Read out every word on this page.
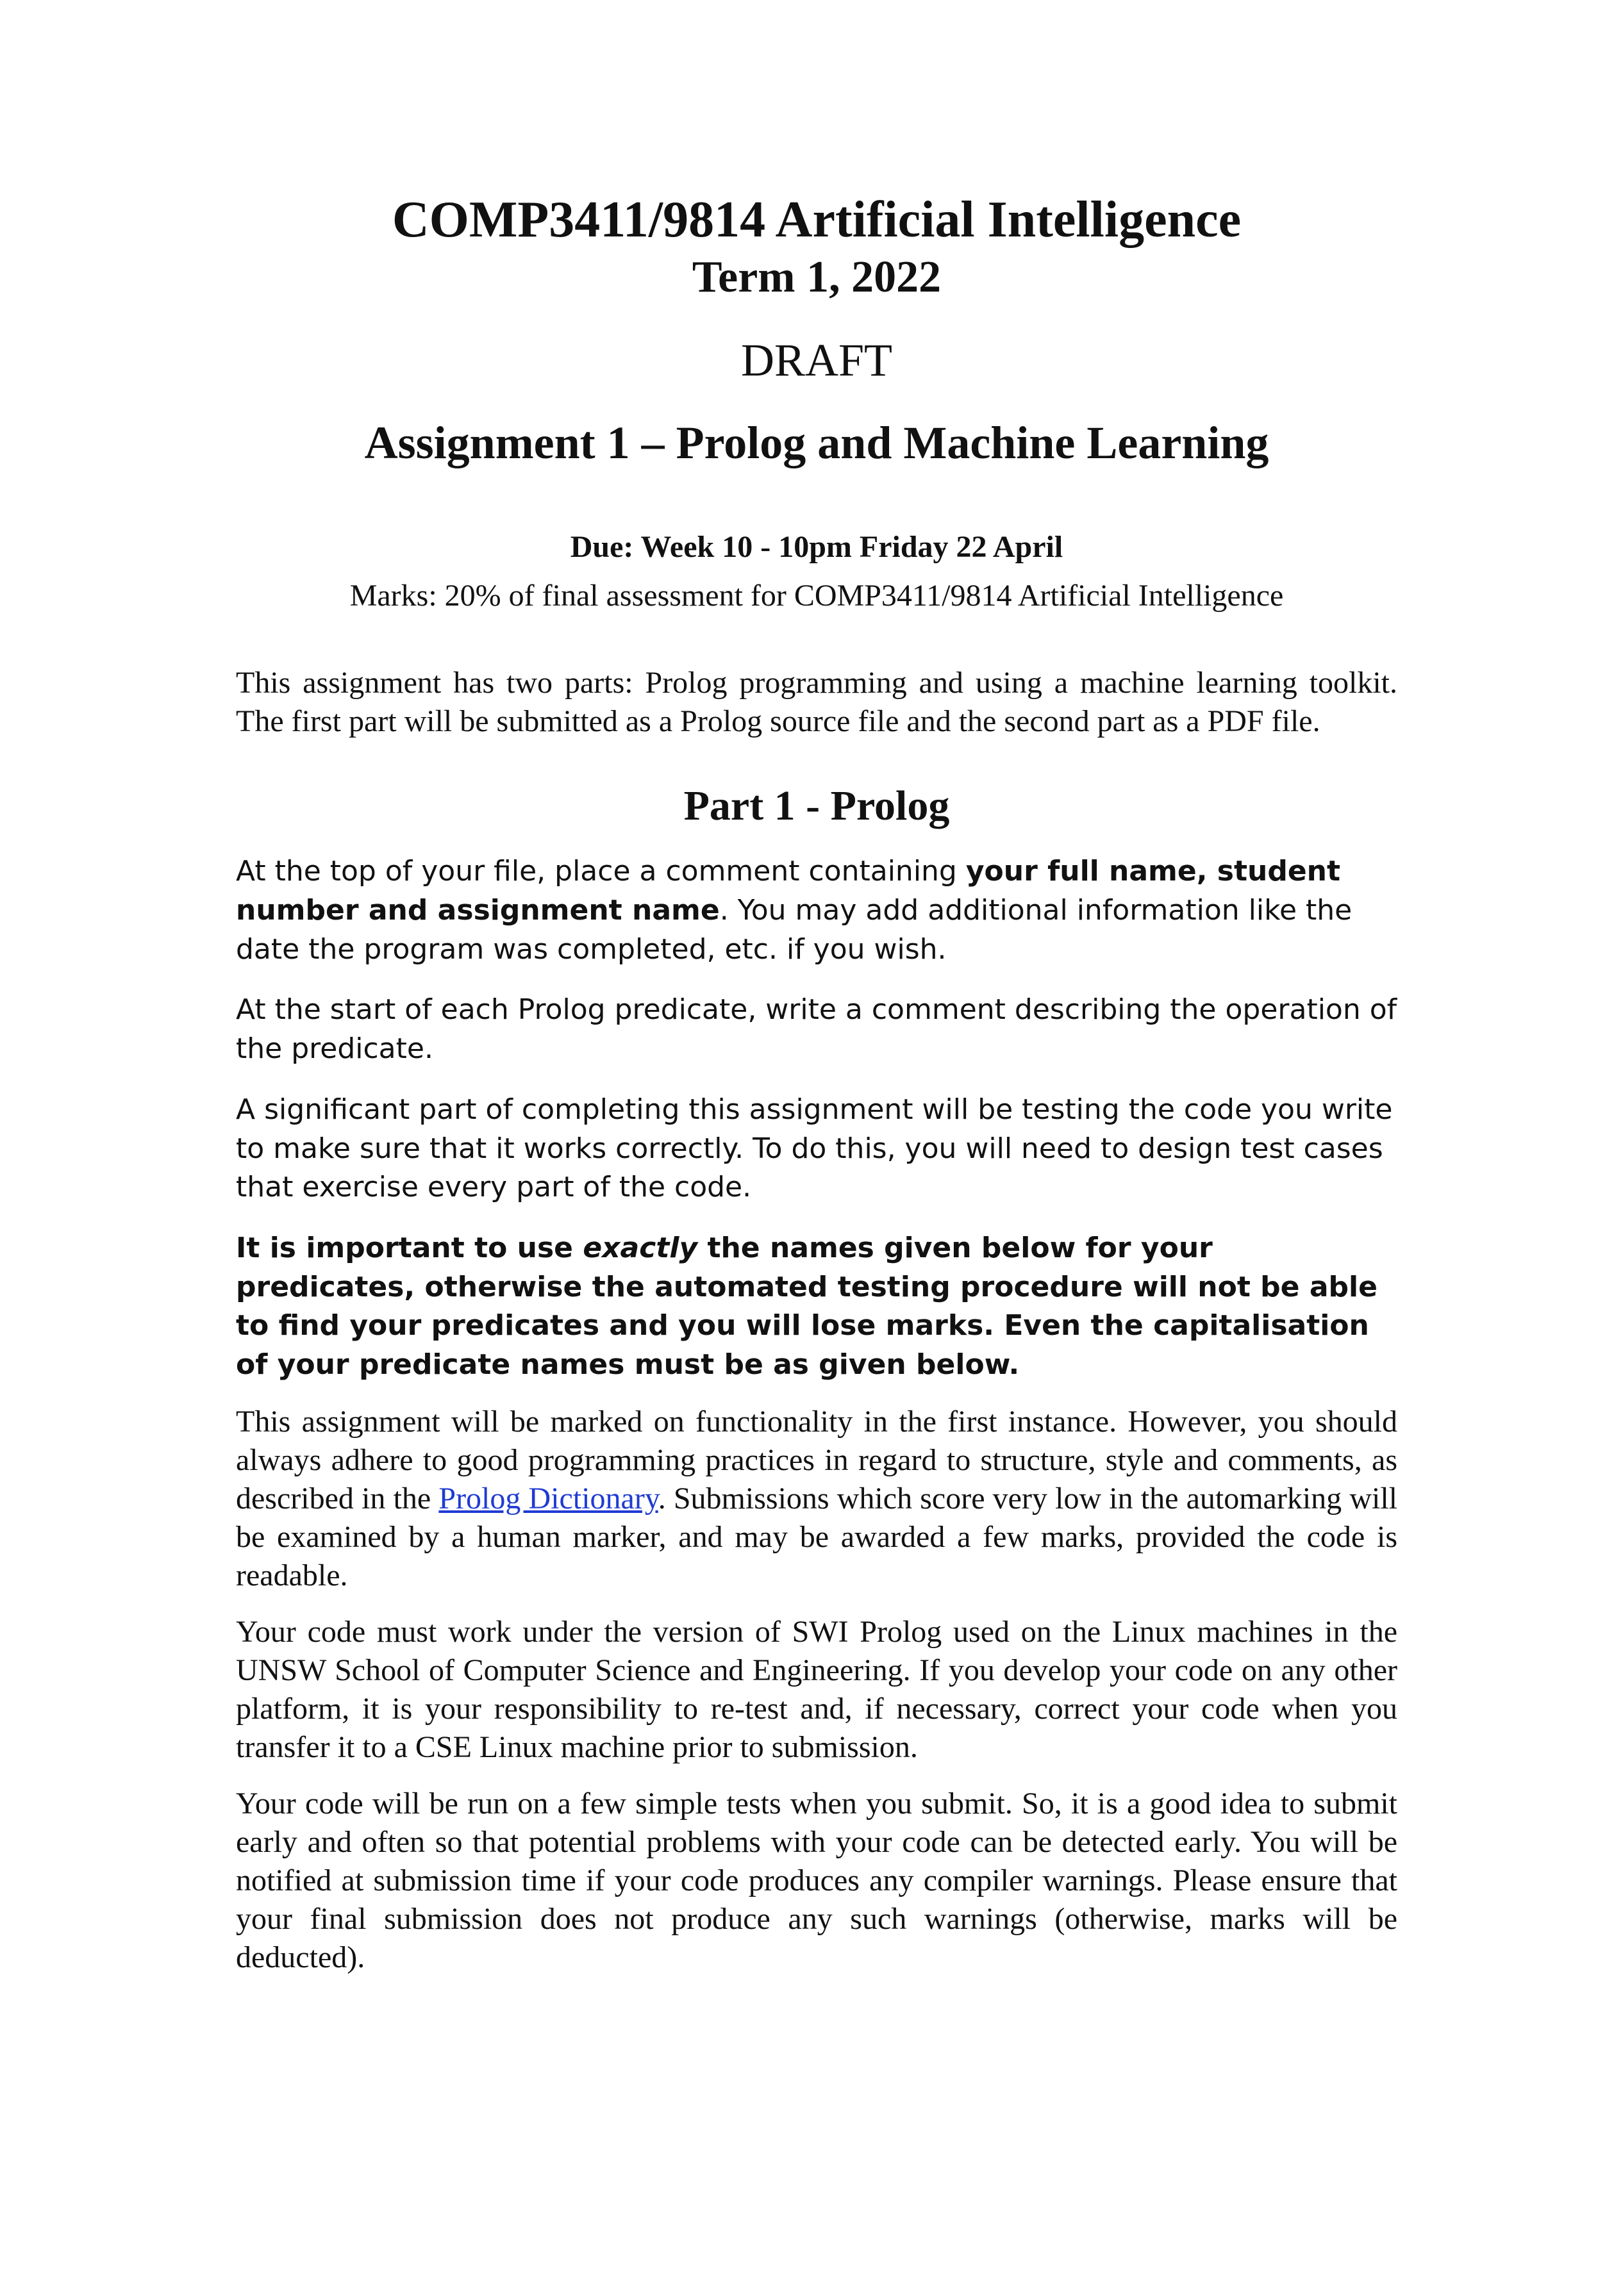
COMP3411/9814 Artificial Intelligence
Term 1, 2022
DRAFT
Assignment 1 – Prolog and Machine Learning
Due: Week 10 - 10pm Friday 22 April
Marks: 20% of final assessment for COMP3411/9814 Artificial Intelligence

This assignment has two parts: Prolog programming and using a machine learning toolkit. The first part will be submitted as a Prolog source file and the second part as a PDF file.

Part 1 - Prolog

At the top of your file, place a comment containing your full name, student number and assignment name. You may add additional information like the date the program was completed, etc. if you wish.

At the start of each Prolog predicate, write a comment describing the operation of the predicate.

A significant part of completing this assignment will be testing the code you write to make sure that it works correctly. To do this, you will need to design test cases that exercise every part of the code.

It is important to use exactly the names given below for your predicates, otherwise the automated testing procedure will not be able to find your predicates and you will lose marks. Even the capitalisation of your predicate names must be as given below.

This assignment will be marked on functionality in the first instance. However, you should always adhere to good programming practices in regard to structure, style and comments, as described in the Prolog Dictionary. Submissions which score very low in the automarking will be examined by a human marker, and may be awarded a few marks, provided the code is readable.

Your code must work under the version of SWI Prolog used on the Linux machines in the UNSW School of Computer Science and Engineering. If you develop your code on any other platform, it is your responsibility to re-test and, if necessary, correct your code when you transfer it to a CSE Linux machine prior to submission.

Your code will be run on a few simple tests when you submit. So, it is a good idea to submit early and often so that potential problems with your code can be detected early. You will be notified at submission time if your code produces any compiler warnings. Please ensure that your final submission does not produce any such warnings (otherwise, marks will be deducted).
